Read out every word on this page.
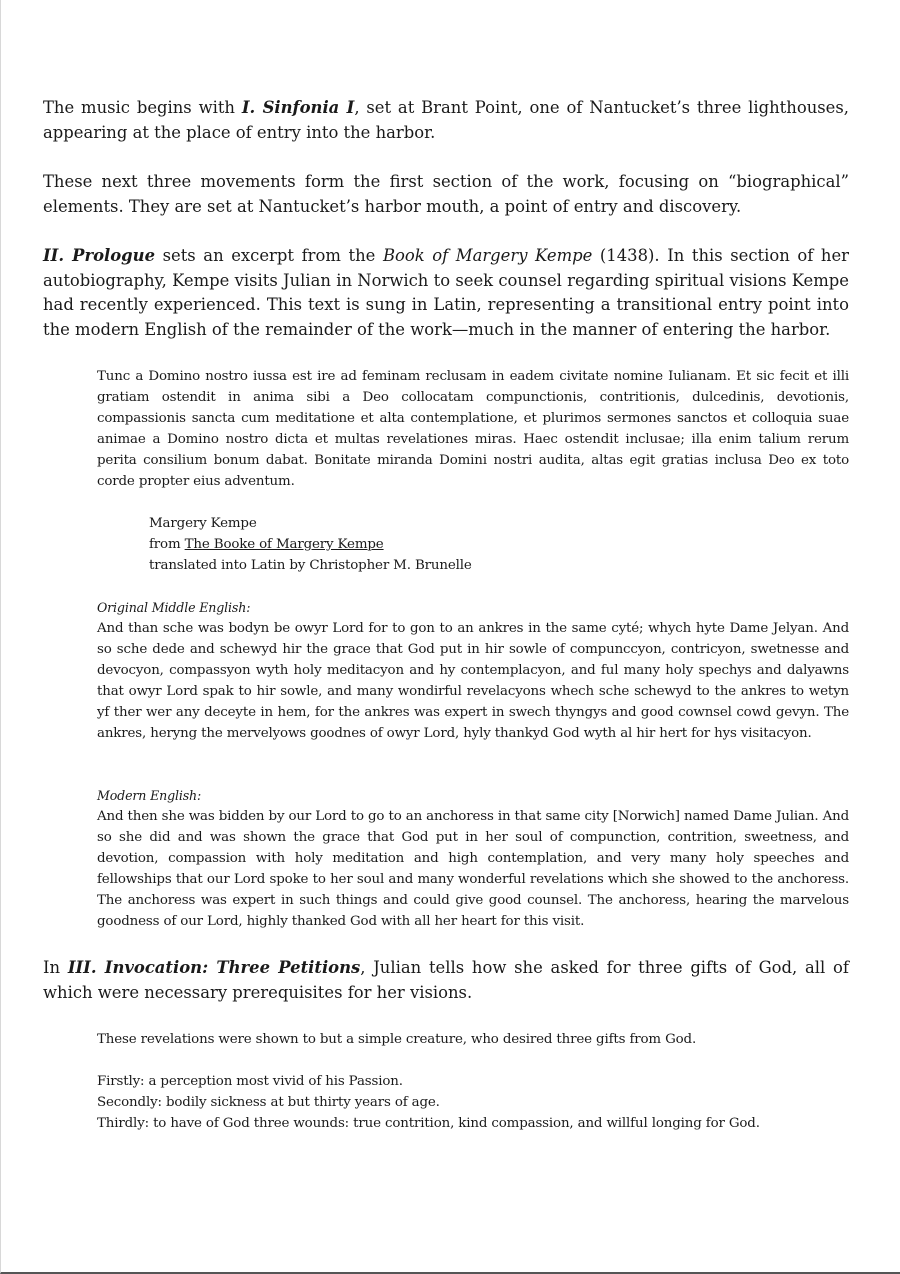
The music begins with I. Sinfonia I, set at Brant Point, one of Nantucket’s three lighthouses, appearing at the place of entry into the harbor.

These next three movements form the first section of the work, focusing on “biographical” elements. They are set at Nantucket’s harbor mouth, a point of entry and discovery.

II. Prologue sets an excerpt from the Book of Margery Kempe (1438). In this section of her autobiography, Kempe visits Julian in Norwich to seek counsel regarding spiritual visions Kempe had recently experienced. This text is sung in Latin, representing a transitional entry point into the modern English of the remainder of the work—much in the manner of entering the harbor.

Tunc a Domino nostro iussa est ire ad feminam reclusam in eadem civitate nomine Iulianam. Et sic fecit et illi gratiam ostendit in anima sibi a Deo collocatam compunctionis, contritionis, dulcedinis, devotionis, compassionis sancta cum meditatione et alta contemplatione, et plurimos sermones sanctos et colloquia suae animae a Domino nostro dicta et multas revelationes miras. Haec ostendit inclusae; illa enim talium rerum perita consilium bonum dabat. Bonitate miranda Domini nostri audita, altas egit gratias inclusa Deo ex toto corde propter eius adventum.

Margery Kempe
from The Booke of Margery Kempe
translated into Latin by Christopher M. Brunelle
Original Middle English:
And than sche was bodyn be owyr Lord for to gon to an ankres in the same cyté; whych hyte Dame Jelyan. And so sche dede and schewyd hir the grace that God put in hir sowle of compunccyon, contricyon, swetnesse and devocyon, compassyon wyth holy meditacyon and hy contemplacyon, and ful many holy spechys and dalyawns that owyr Lord spak to hir sowle, and many wondirful revelacyons whech sche schewyd to the ankres to wetyn yf ther wer any deceyte in hem, for the ankres was expert in swech thyngys and good cownsel cowd gevyn. The ankres, heryng the mervelyows goodnes of owyr Lord, hyly thankyd God wyth al hir hert for hys visitacyon.
Modern English:
And then she was bidden by our Lord to go to an anchoress in that same city [Norwich] named Dame Julian. And so she did and was shown the grace that God put in her soul of compunction, contrition, sweetness, and devotion, compassion with holy meditation and high contemplation, and very many holy speeches and fellowships that our Lord spoke to her soul and many wonderful revelations which she showed to the anchoress. The anchoress was expert in such things and could give good counsel. The anchoress, hearing the marvelous goodness of our Lord, highly thanked God with all her heart for this visit.

In III. Invocation: Three Petitions, Julian tells how she asked for three gifts of God, all of which were necessary prerequisites for her visions.

These revelations were shown to but a simple creature, who desired three gifts from God.

Firstly: a perception most vivid of his Passion.
Secondly: bodily sickness at but thirty years of age.
Thirdly: to have of God three wounds: true contrition, kind compassion, and willful longing for God.
